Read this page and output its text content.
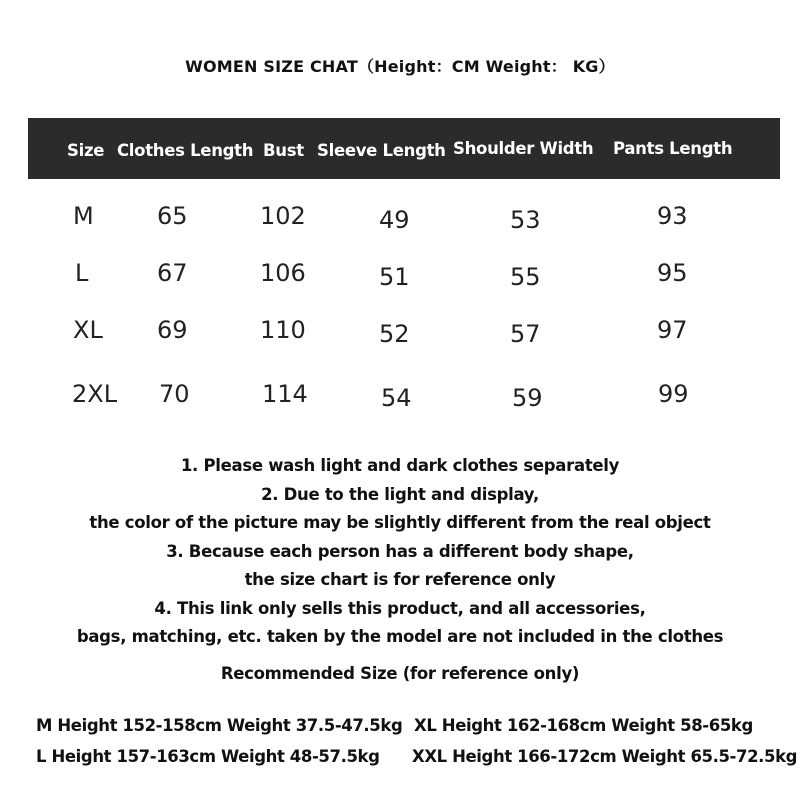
WOMEN SIZE CHAT（Height：CM Weight： KG）
Size Clothes Length Bust Sleeve Length Shoulder Width Pants Length
M	65	102	49	53	93
L	67	106	51	55	95
XL 69	110	52	57	97
2XL 70	114	54	59	99
1. Please wash light and dark clothes separately
2. Due to the light and display,
the color of the picture may be slightly different from the real object
3. Because each person has a different body shape,
the size chart is for reference only
4. This link only sells this product, and all accessories,
bags, matching, etc. taken by the model are not included in the clothes
Recommended Size (for reference only)
M Height 152-158cm Weight 37.5-47.5kg XL Height 162-168cm Weight 58-65kg
L Height 157-163cm Weight 48-57.5kg XXL Height 166-172cm Weight 65.5-72.5kg
